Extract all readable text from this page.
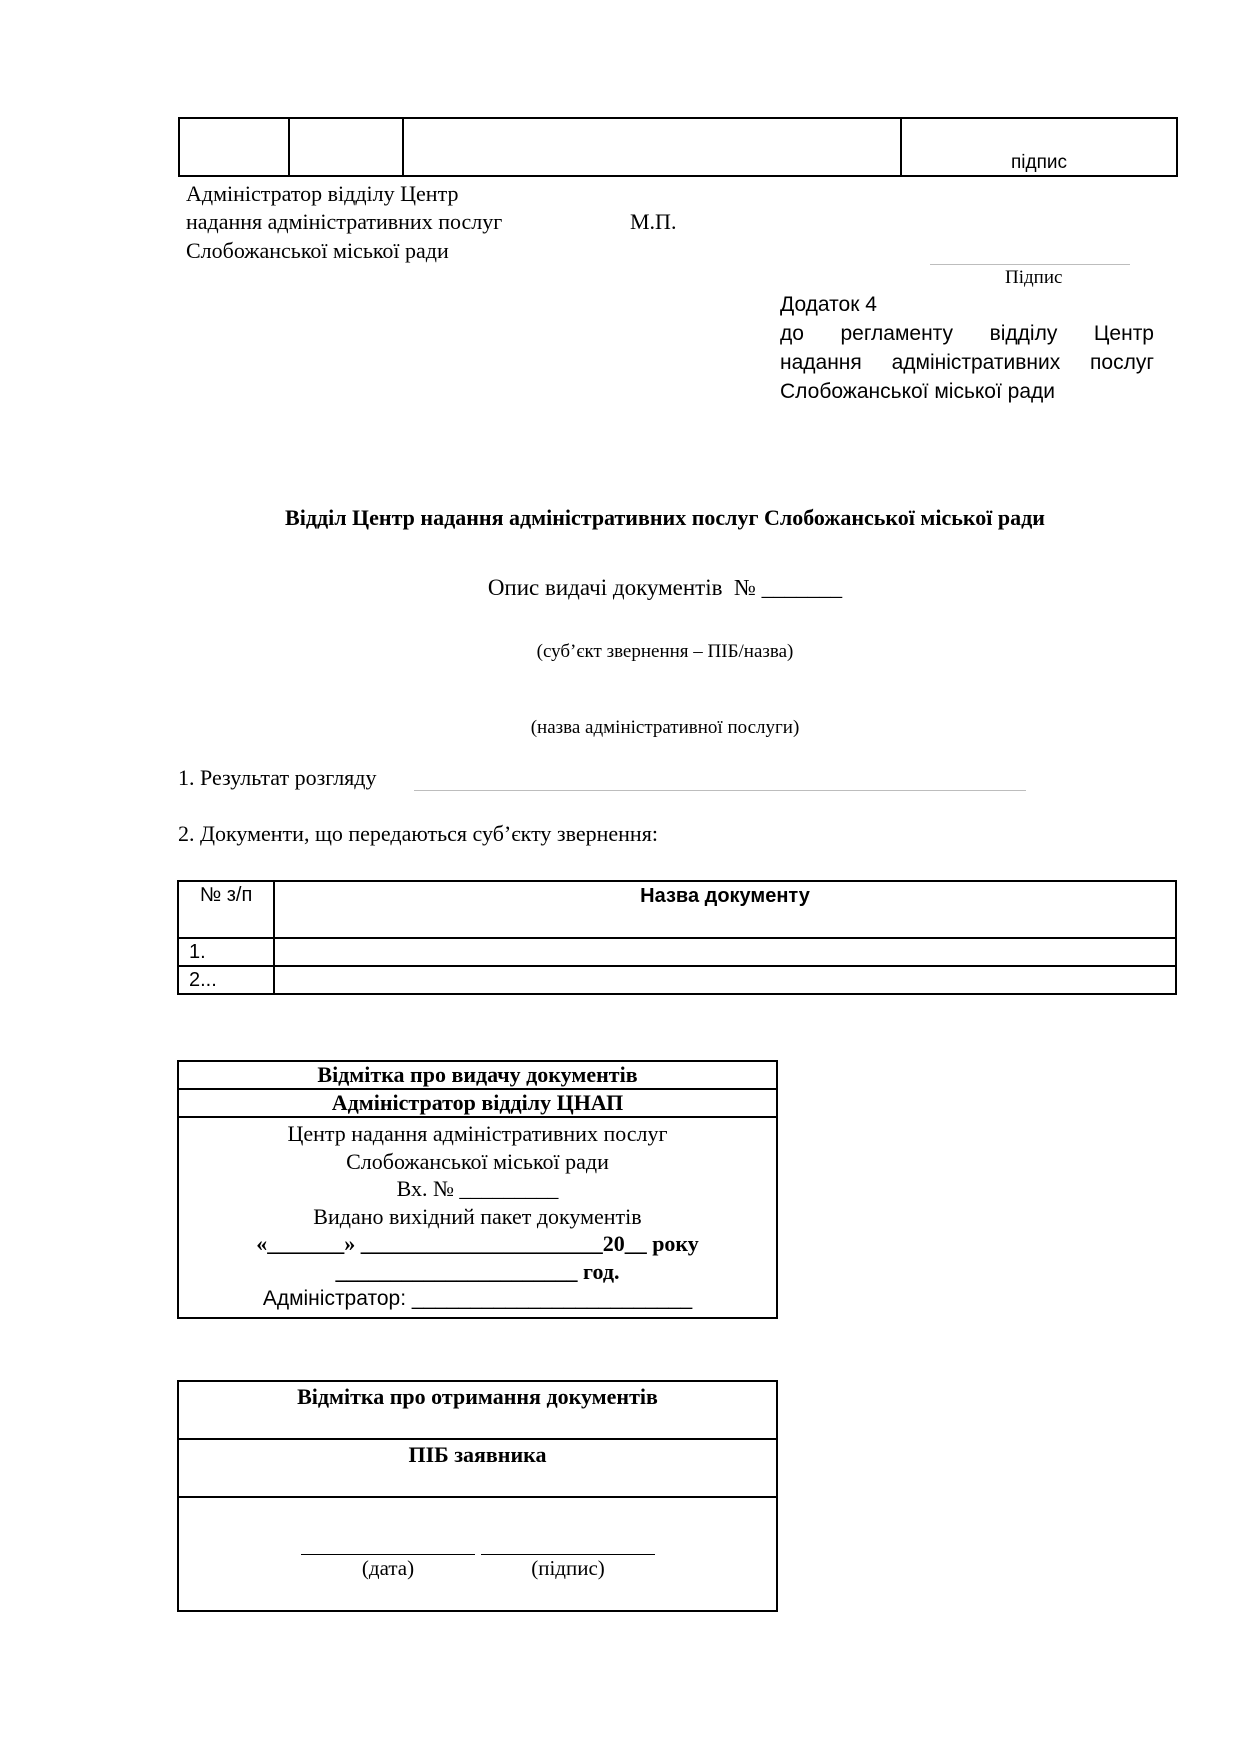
			підпис
Адміністратор відділу Центр
надання адміністративних послуг
Слобожанської міської ради
М.П.
Підпис
Додаток 4
до регламенту відділу Центр
надання адміністративних послуг
Слобожанської міської ради
Відділ Центр надання адміністративних послуг Слобожанської міської ради
Опис видачі документів № _______
(суб’єкт звернення – ПІБ/назва)
(назва адміністративної послуги)
1. Результат розгляду
2. Документи, що передаються суб’єкту звернення:
№ з/п	Назва документу

1.	
2...	
Відмітка про видачу документів
Адміністратор відділу ЦНАП

Центр надання адміністративних послуг
Слобожанської міської ради
Вх. № _________
Видано вихідний пакет документів
«_______» ______________________20__ року
______________________ год.
Адміністратор: ________________________
Відмітка про отримання документів
ПІБ заявника

(дата)	(підпис)
